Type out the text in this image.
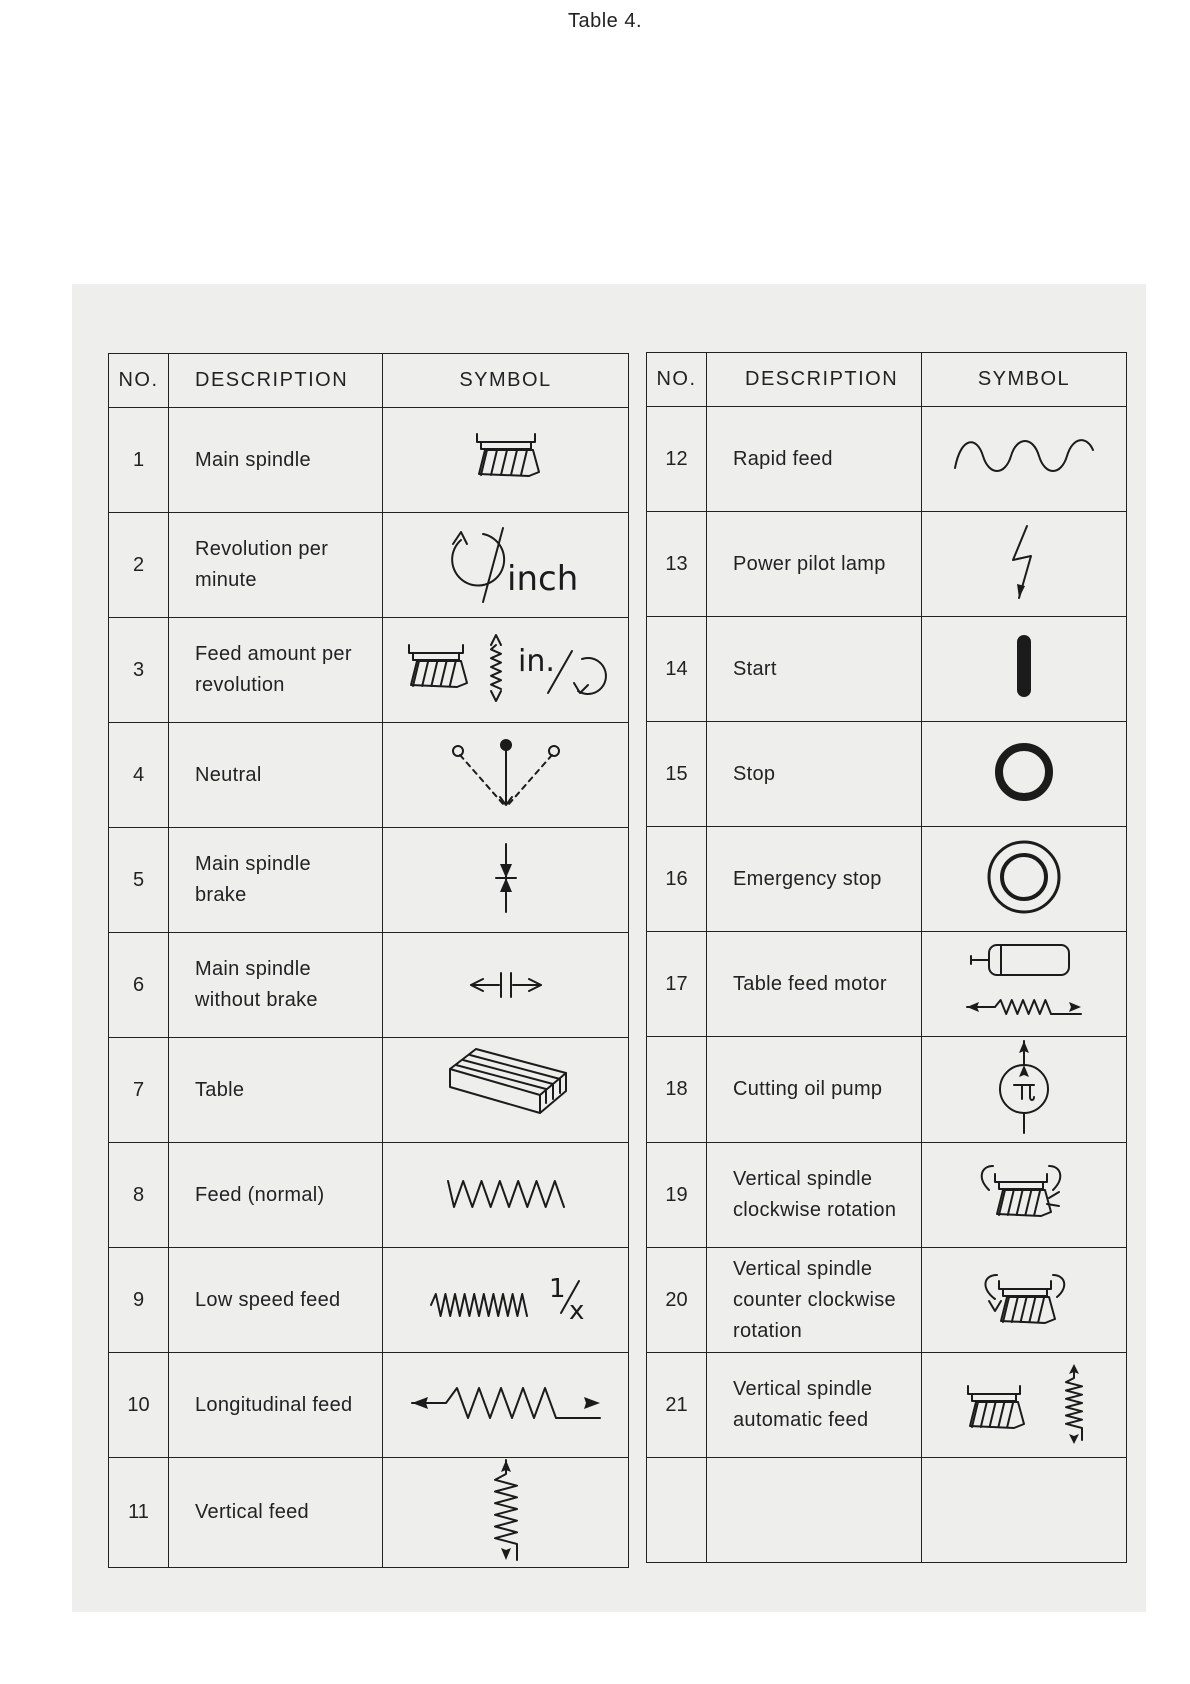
Table 4.
NO.	DESCRIPTION	SYMBOL
1	Main spindle

2	Revolution per
minute	inch

3	Feed amount per
revolution	in.

4	Neutral

5	Main spindle
brake

6	Main spindle
without brake

7	Table

8	Feed (normal)

9	Low speed feed	1
x

10	Longitudinal feed

11	Vertical feed

NO.	DESCRIPTION	SYMBOL
12	Rapid feed

13	Power pilot lamp

14	Start

15	Stop

16	Emergency stop

17	Table feed motor

18	Cutting oil pump

19	Vertical spindle
clockwise rotation

20	Vertical spindle
counter clockwise
rotation

21	Vertical spindle
automatic feed
